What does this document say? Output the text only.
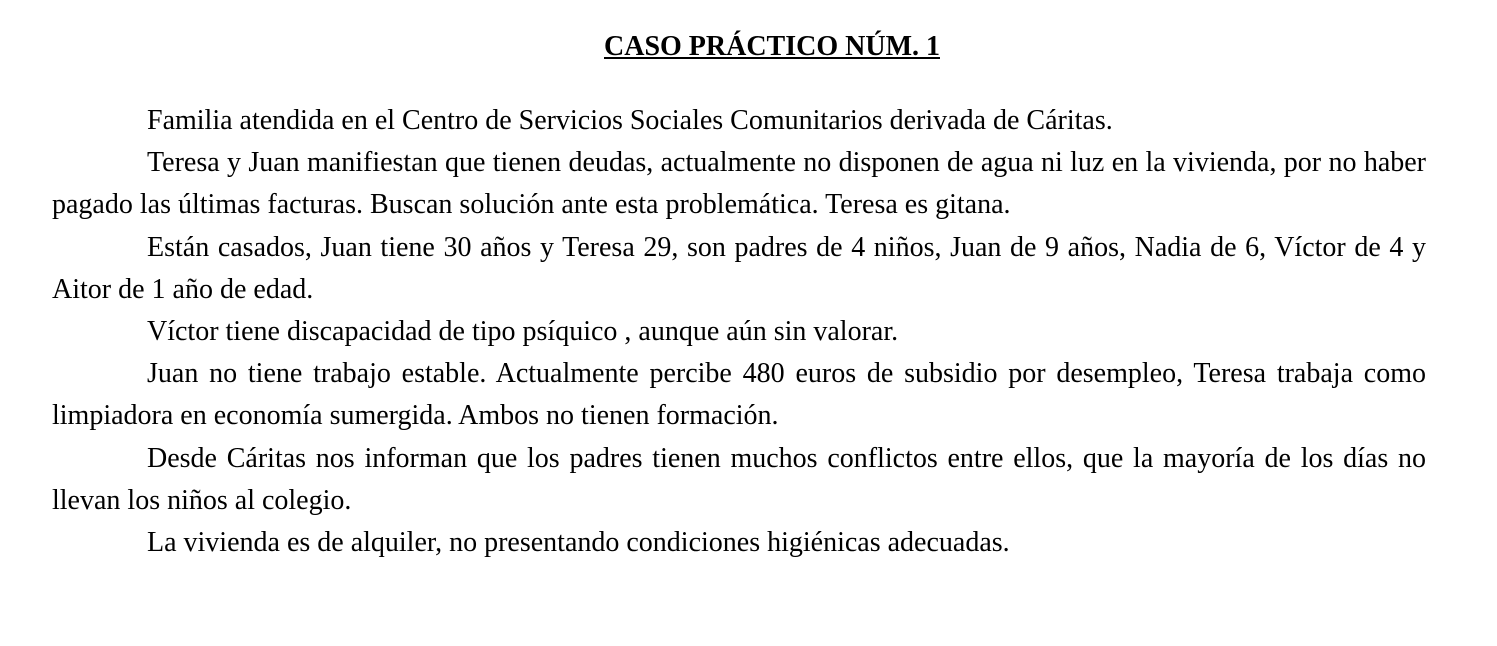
CASO PRÁCTICO NÚM. 1

Familia atendida en el Centro de Servicios Sociales Comunitarios derivada de Cáritas.

Teresa y Juan manifiestan que tienen deudas, actualmente no disponen de agua ni luz en la vivienda, por no haber pagado las últimas facturas. Buscan solución ante esta problemática. Teresa es gitana.

Están casados, Juan tiene 30 años y Teresa 29, son padres de 4 niños, Juan de 9 años, Nadia de 6, Víctor de 4 y Aitor de 1 año de edad.

Víctor tiene discapacidad de tipo psíquico , aunque aún sin valorar.

Juan no tiene trabajo estable. Actualmente percibe 480 euros de subsidio por desempleo, Teresa trabaja como limpiadora en economía sumergida. Ambos no tienen formación.

Desde Cáritas nos informan que los padres tienen muchos conflictos entre ellos, que la mayoría de los días no llevan los niños al colegio.

La vivienda es de alquiler, no presentando condiciones higiénicas adecuadas.
